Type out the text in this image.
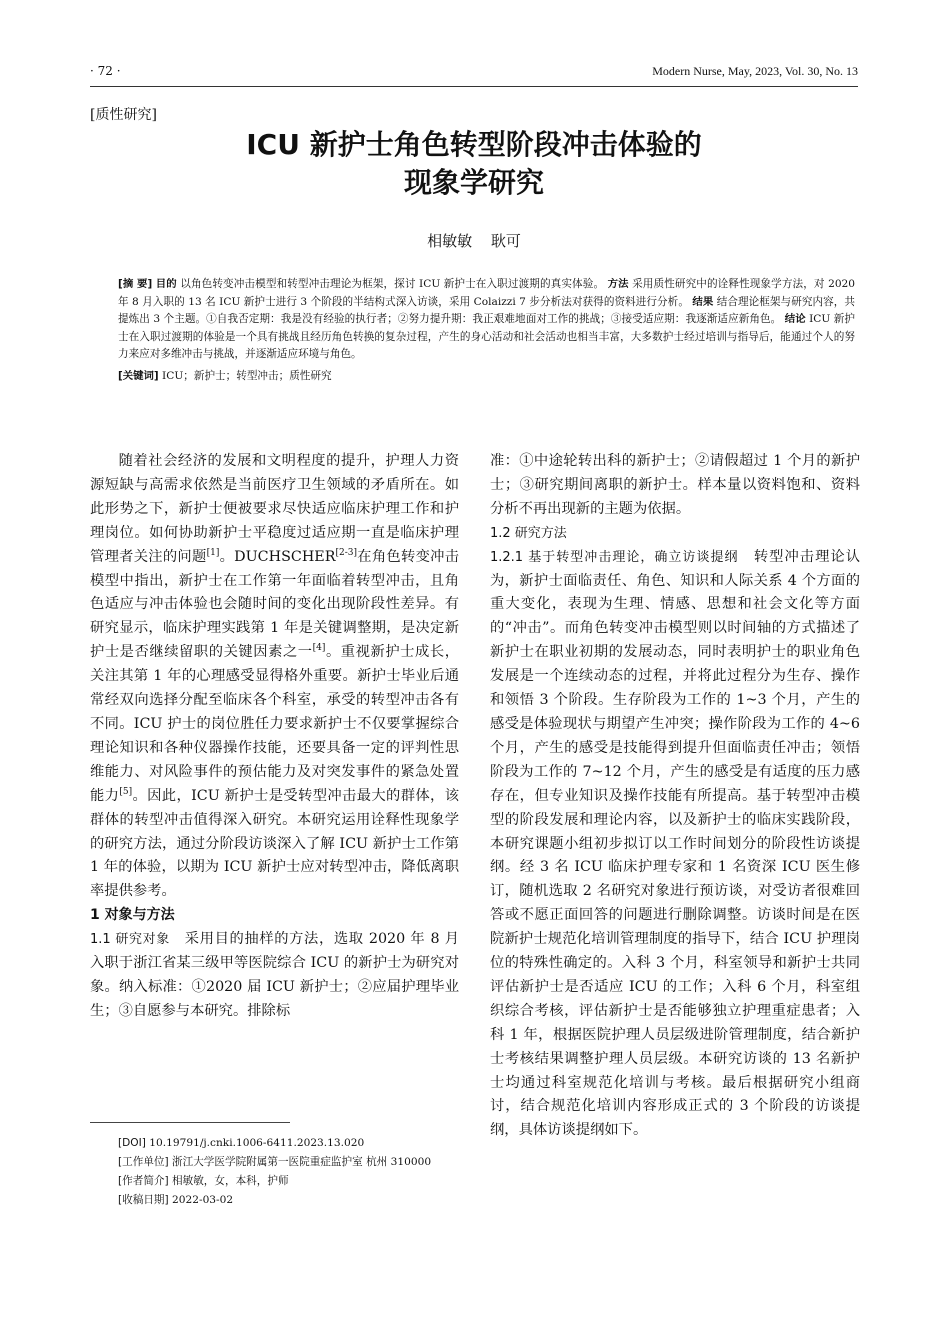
· 72 ·	Modern Nurse, May, 2023, Vol. 30, No. 13
[质性研究]
ICU 新护士角色转型阶段冲击体验的
现象学研究
相敏敏 耿可
[摘 要] 目的 以角色转变冲击模型和转型冲击理论为框架，探讨 ICU 新护士在入职过渡期的真实体验。 方法 采用质性研究中的诠释性现象学方法，对 2020 年 8 月入职的 13 名 ICU 新护士进行 3 个阶段的半结构式深入访谈，采用 Colaizzi 7 步分析法对获得的资料进行分析。 结果 结合理论框架与研究内容，共提炼出 3 个主题。①自我否定期：我是没有经验的执行者；②努力提升期：我正艰难地面对工作的挑战；③接受适应期：我逐渐适应新角色。 结论 ICU 新护士在入职过渡期的体验是一个具有挑战且经历角色转换的复杂过程，产生的身心活动和社会活动也相当丰富，大多数护士经过培训与指导后，能通过个人的努力来应对多维冲击与挑战，并逐渐适应环境与角色。
[关键词] ICU；新护士；转型冲击；质性研究

随着社会经济的发展和文明程度的提升，护理人力资源短缺与高需求依然是当前医疗卫生领域的矛盾所在。如此形势之下，新护士便被要求尽快适应临床护理工作和护理岗位。如何协助新护士平稳度过适应期一直是临床护理管理者关注的问题[1]。DUCHSCHER[2-3]在角色转变冲击模型中指出，新护士在工作第一年面临着转型冲击，且角色适应与冲击体验也会随时间的变化出现阶段性差异。有研究显示，临床护理实践第 1 年是关键调整期，是决定新护士是否继续留职的关键因素之一[4]。重视新护士成长，关注其第 1 年的心理感受显得格外重要。新护士毕业后通常经双向选择分配至临床各个科室，承受的转型冲击各有不同。ICU 护士的岗位胜任力要求新护士不仅要掌握综合理论知识和各种仪器操作技能，还要具备一定的评判性思维能力、对风险事件的预估能力及对突发事件的紧急处置能力[5]。因此，ICU 新护士是受转型冲击最大的群体，该群体的转型冲击值得深入研究。本研究运用诠释性现象学的研究方法，通过分阶段访谈深入了解 ICU 新护士工作第 1 年的体验，以期为 ICU 新护士应对转型冲击，降低离职率提供参考。

1 对象与方法

1.1 研究对象　 采用目的抽样的方法，选取 2020 年 8 月入职于浙江省某三级甲等医院综合 ICU 的新护士为研究对象。纳入标准：①2020 届 ICU 新护士；②应届护理毕业生；③自愿参与本研究。排除标

准：①中途轮转出科的新护士；②请假超过 1 个月的新护士；③研究期间离职的新护士。样本量以资料饱和、资料分析不再出现新的主题为依据。

1.2 研究方法

1.2.1 基于转型冲击理论，确立访谈提纲　 转型冲击理论认为，新护士面临责任、角色、知识和人际关系 4 个方面的重大变化，表现为生理、情感、思想和社会文化等方面的“冲击”。而角色转变冲击模型则以时间轴的方式描述了新护士在职业初期的发展动态，同时表明护士的职业角色发展是一个连续动态的过程，并将此过程分为生存、操作和领悟 3 个阶段。生存阶段为工作的 1~3 个月，产生的感受是体验现状与期望产生冲突；操作阶段为工作的 4~6 个月，产生的感受是技能得到提升但面临责任冲击；领悟阶段为工作的 7~12 个月，产生的感受是有适度的压力感存在，但专业知识及操作技能有所提高。基于转型冲击模型的阶段发展和理论内容，以及新护士的临床实践阶段，本研究课题小组初步拟订以工作时间划分的阶段性访谈提纲。经 3 名 ICU 临床护理专家和 1 名资深 ICU 医生修订，随机选取 2 名研究对象进行预访谈，对受访者很难回答或不愿正面回答的问题进行删除调整。访谈时间是在医院新护士规范化培训管理制度的指导下，结合 ICU 护理岗位的特殊性确定的。入科 3 个月，科室领导和新护士共同评估新护士是否适应 ICU 的工作；入科 6 个月，科室组织综合考核，评估新护士是否能够独立护理重症患者；入科 1 年，根据医院护理人员层级进阶管理制度，结合新护士考核结果调整护理人员层级。本研究访谈的 13 名新护士均通过科室规范化培训与考核。最后根据研究小组商讨，结合规范化培训内容形成正式的 3 个阶段的访谈提纲，具体访谈提纲如下。

[DOI] 10.19791/j.cnki.1006-6411.2023.13.020

[工作单位] 浙江大学医学院附属第一医院重症监护室 杭州 310000

[作者简介] 相敏敏，女，本科，护师

[收稿日期] 2022-03-02
